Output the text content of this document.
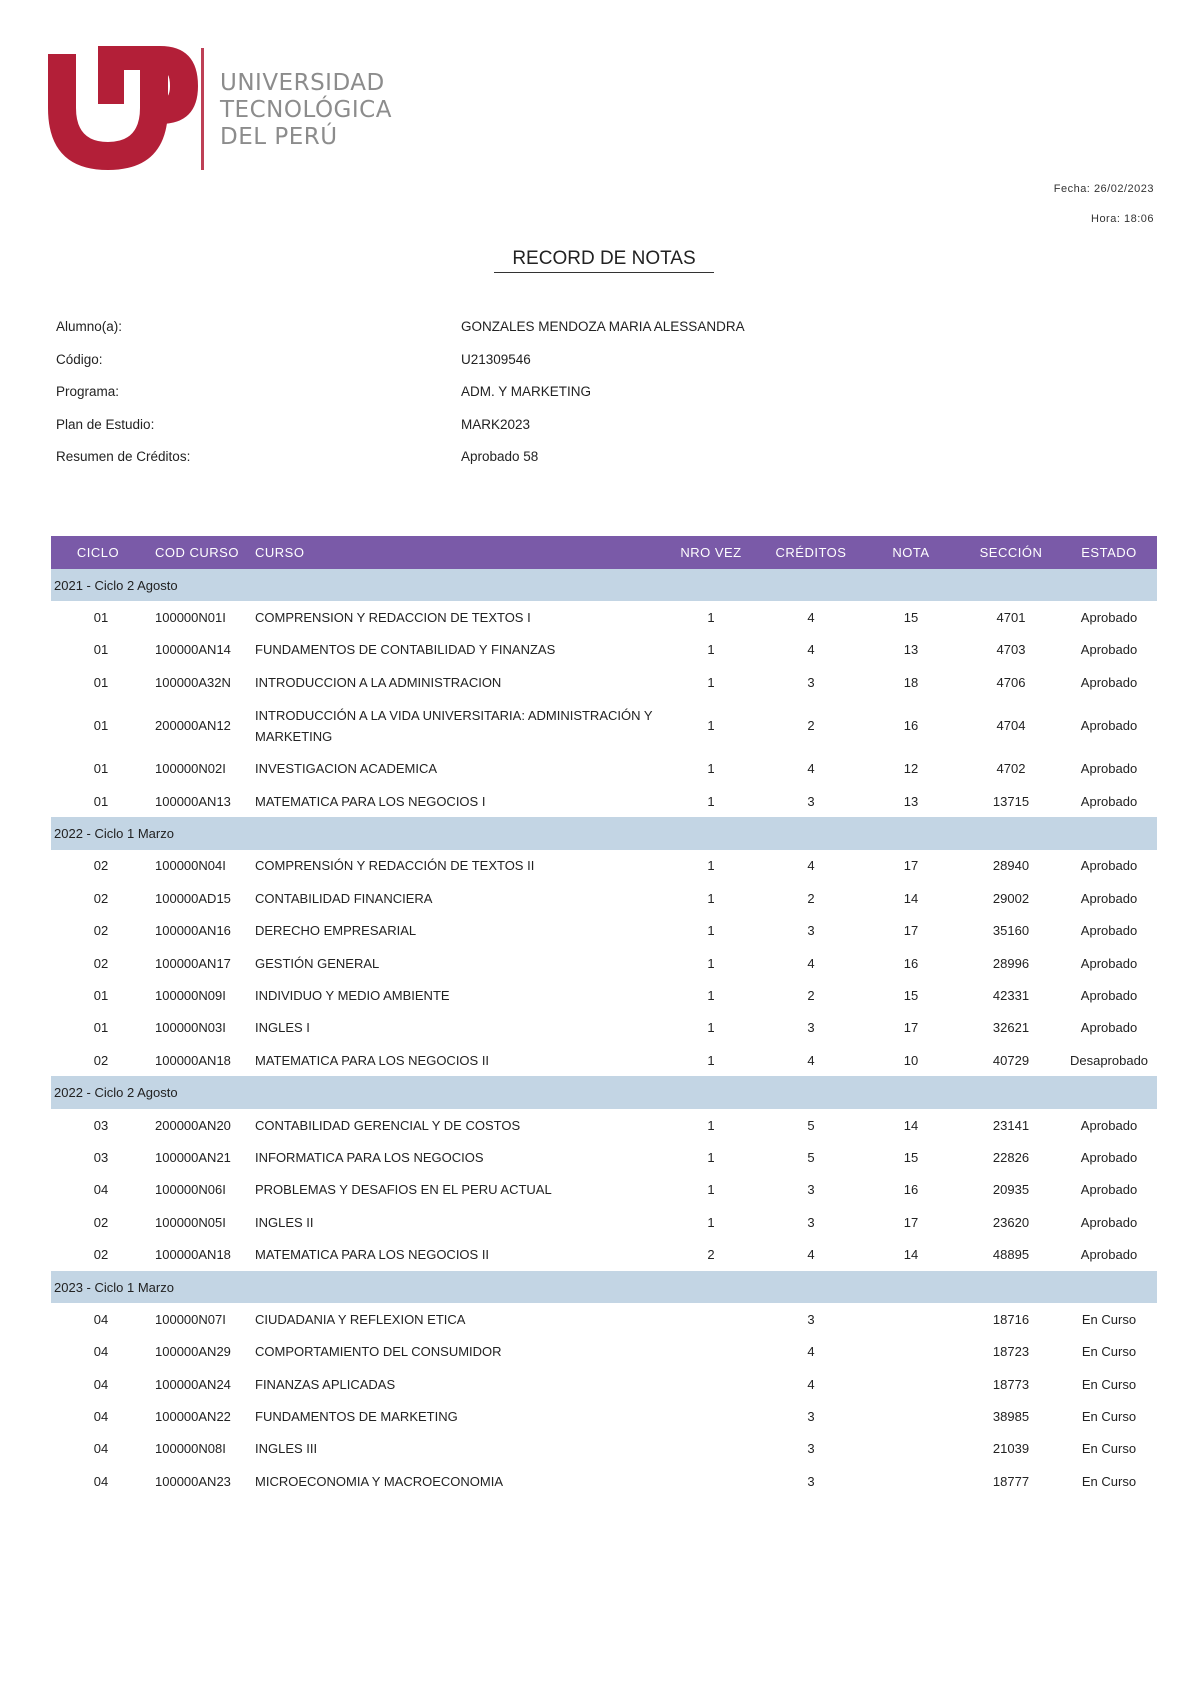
UNIVERSIDAD
TECNOLÓGICA
DEL PERÚ
Fecha: 26/02/2023
Hora: 18:06
RECORD DE NOTAS
Alumno(a):	GONZALES MENDOZA MARIA ALESSANDRA
Código:	U21309546
Programa:	ADM. Y MARKETING
Plan de Estudio:	MARK2023
Resumen de Créditos:	Aprobado 58
CICLO	COD CURSO	CURSO	NRO VEZ	CRÉDITOS	NOTA	SECCIÓN	ESTADO
2021 - Ciclo 2 Agosto							
01	100000N01I	COMPRENSION Y REDACCION DE TEXTOS I	1	4	15	4701	Aprobado
01	100000AN14	FUNDAMENTOS DE CONTABILIDAD Y FINANZAS	1	4	13	4703	Aprobado
01	100000A32N	INTRODUCCION A LA ADMINISTRACION	1	3	18	4706	Aprobado
01	200000AN12	INTRODUCCIÓN A LA VIDA UNIVERSITARIA: ADMINISTRACIÓN Y MARKETING	1	2	16	4704	Aprobado
01	100000N02I	INVESTIGACION ACADEMICA	1	4	12	4702	Aprobado
01	100000AN13	MATEMATICA PARA LOS NEGOCIOS I	1	3	13	13715	Aprobado
2022 - Ciclo 1 Marzo							
02	100000N04I	COMPRENSIÓN Y REDACCIÓN DE TEXTOS II	1	4	17	28940	Aprobado
02	100000AD15	CONTABILIDAD FINANCIERA	1	2	14	29002	Aprobado
02	100000AN16	DERECHO EMPRESARIAL	1	3	17	35160	Aprobado
02	100000AN17	GESTIÓN GENERAL	1	4	16	28996	Aprobado
01	100000N09I	INDIVIDUO Y MEDIO AMBIENTE	1	2	15	42331	Aprobado
01	100000N03I	INGLES I	1	3	17	32621	Aprobado
02	100000AN18	MATEMATICA PARA LOS NEGOCIOS II	1	4	10	40729	Desaprobado
2022 - Ciclo 2 Agosto							
03	200000AN20	CONTABILIDAD GERENCIAL Y DE COSTOS	1	5	14	23141	Aprobado
03	100000AN21	INFORMATICA PARA LOS NEGOCIOS	1	5	15	22826	Aprobado
04	100000N06I	PROBLEMAS Y DESAFIOS EN EL PERU ACTUAL	1	3	16	20935	Aprobado
02	100000N05I	INGLES II	1	3	17	23620	Aprobado
02	100000AN18	MATEMATICA PARA LOS NEGOCIOS II	2	4	14	48895	Aprobado
2023 - Ciclo 1 Marzo							
04	100000N07I	CIUDADANIA Y REFLEXION ETICA		3		18716	En Curso
04	100000AN29	COMPORTAMIENTO DEL CONSUMIDOR		4		18723	En Curso
04	100000AN24	FINANZAS APLICADAS		4		18773	En Curso
04	100000AN22	FUNDAMENTOS DE MARKETING		3		38985	En Curso
04	100000N08I	INGLES III		3		21039	En Curso
04	100000AN23	MICROECONOMIA Y MACROECONOMIA		3		18777	En Curso
